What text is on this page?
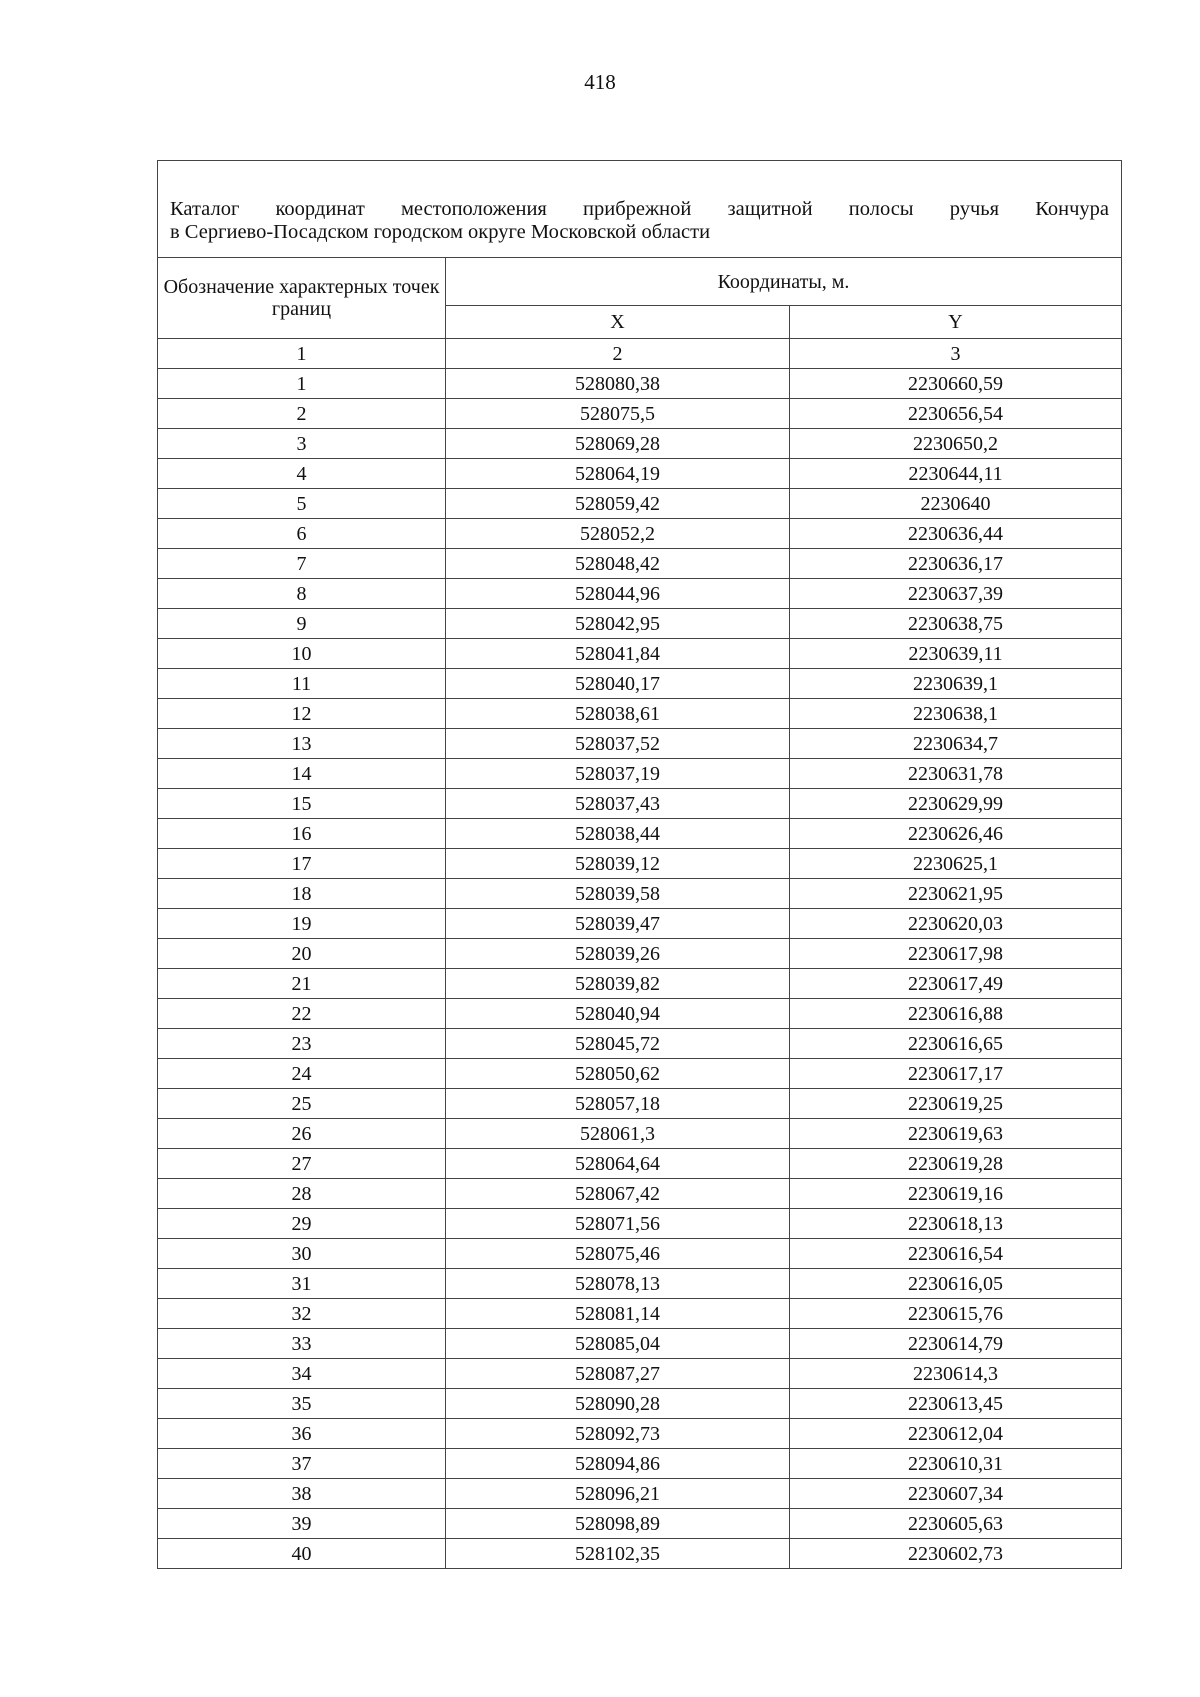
418
Каталог координат местоположения прибрежной защитной полосы ручья Кончура
в Сергиево-Посадском городском округе Московской области		

Обозначение характерных точек границ	Координаты, м.	
	X	Y
1	2	3
1	528080,38	2230660,59
2	528075,5	2230656,54
3	528069,28	2230650,2
4	528064,19	2230644,11
5	528059,42	2230640
6	528052,2	2230636,44
7	528048,42	2230636,17
8	528044,96	2230637,39
9	528042,95	2230638,75
10	528041,84	2230639,11
11	528040,17	2230639,1
12	528038,61	2230638,1
13	528037,52	2230634,7
14	528037,19	2230631,78
15	528037,43	2230629,99
16	528038,44	2230626,46
17	528039,12	2230625,1
18	528039,58	2230621,95
19	528039,47	2230620,03
20	528039,26	2230617,98
21	528039,82	2230617,49
22	528040,94	2230616,88
23	528045,72	2230616,65
24	528050,62	2230617,17
25	528057,18	2230619,25
26	528061,3	2230619,63
27	528064,64	2230619,28
28	528067,42	2230619,16
29	528071,56	2230618,13
30	528075,46	2230616,54
31	528078,13	2230616,05
32	528081,14	2230615,76
33	528085,04	2230614,79
34	528087,27	2230614,3
35	528090,28	2230613,45
36	528092,73	2230612,04
37	528094,86	2230610,31
38	528096,21	2230607,34
39	528098,89	2230605,63
40	528102,35	2230602,73
